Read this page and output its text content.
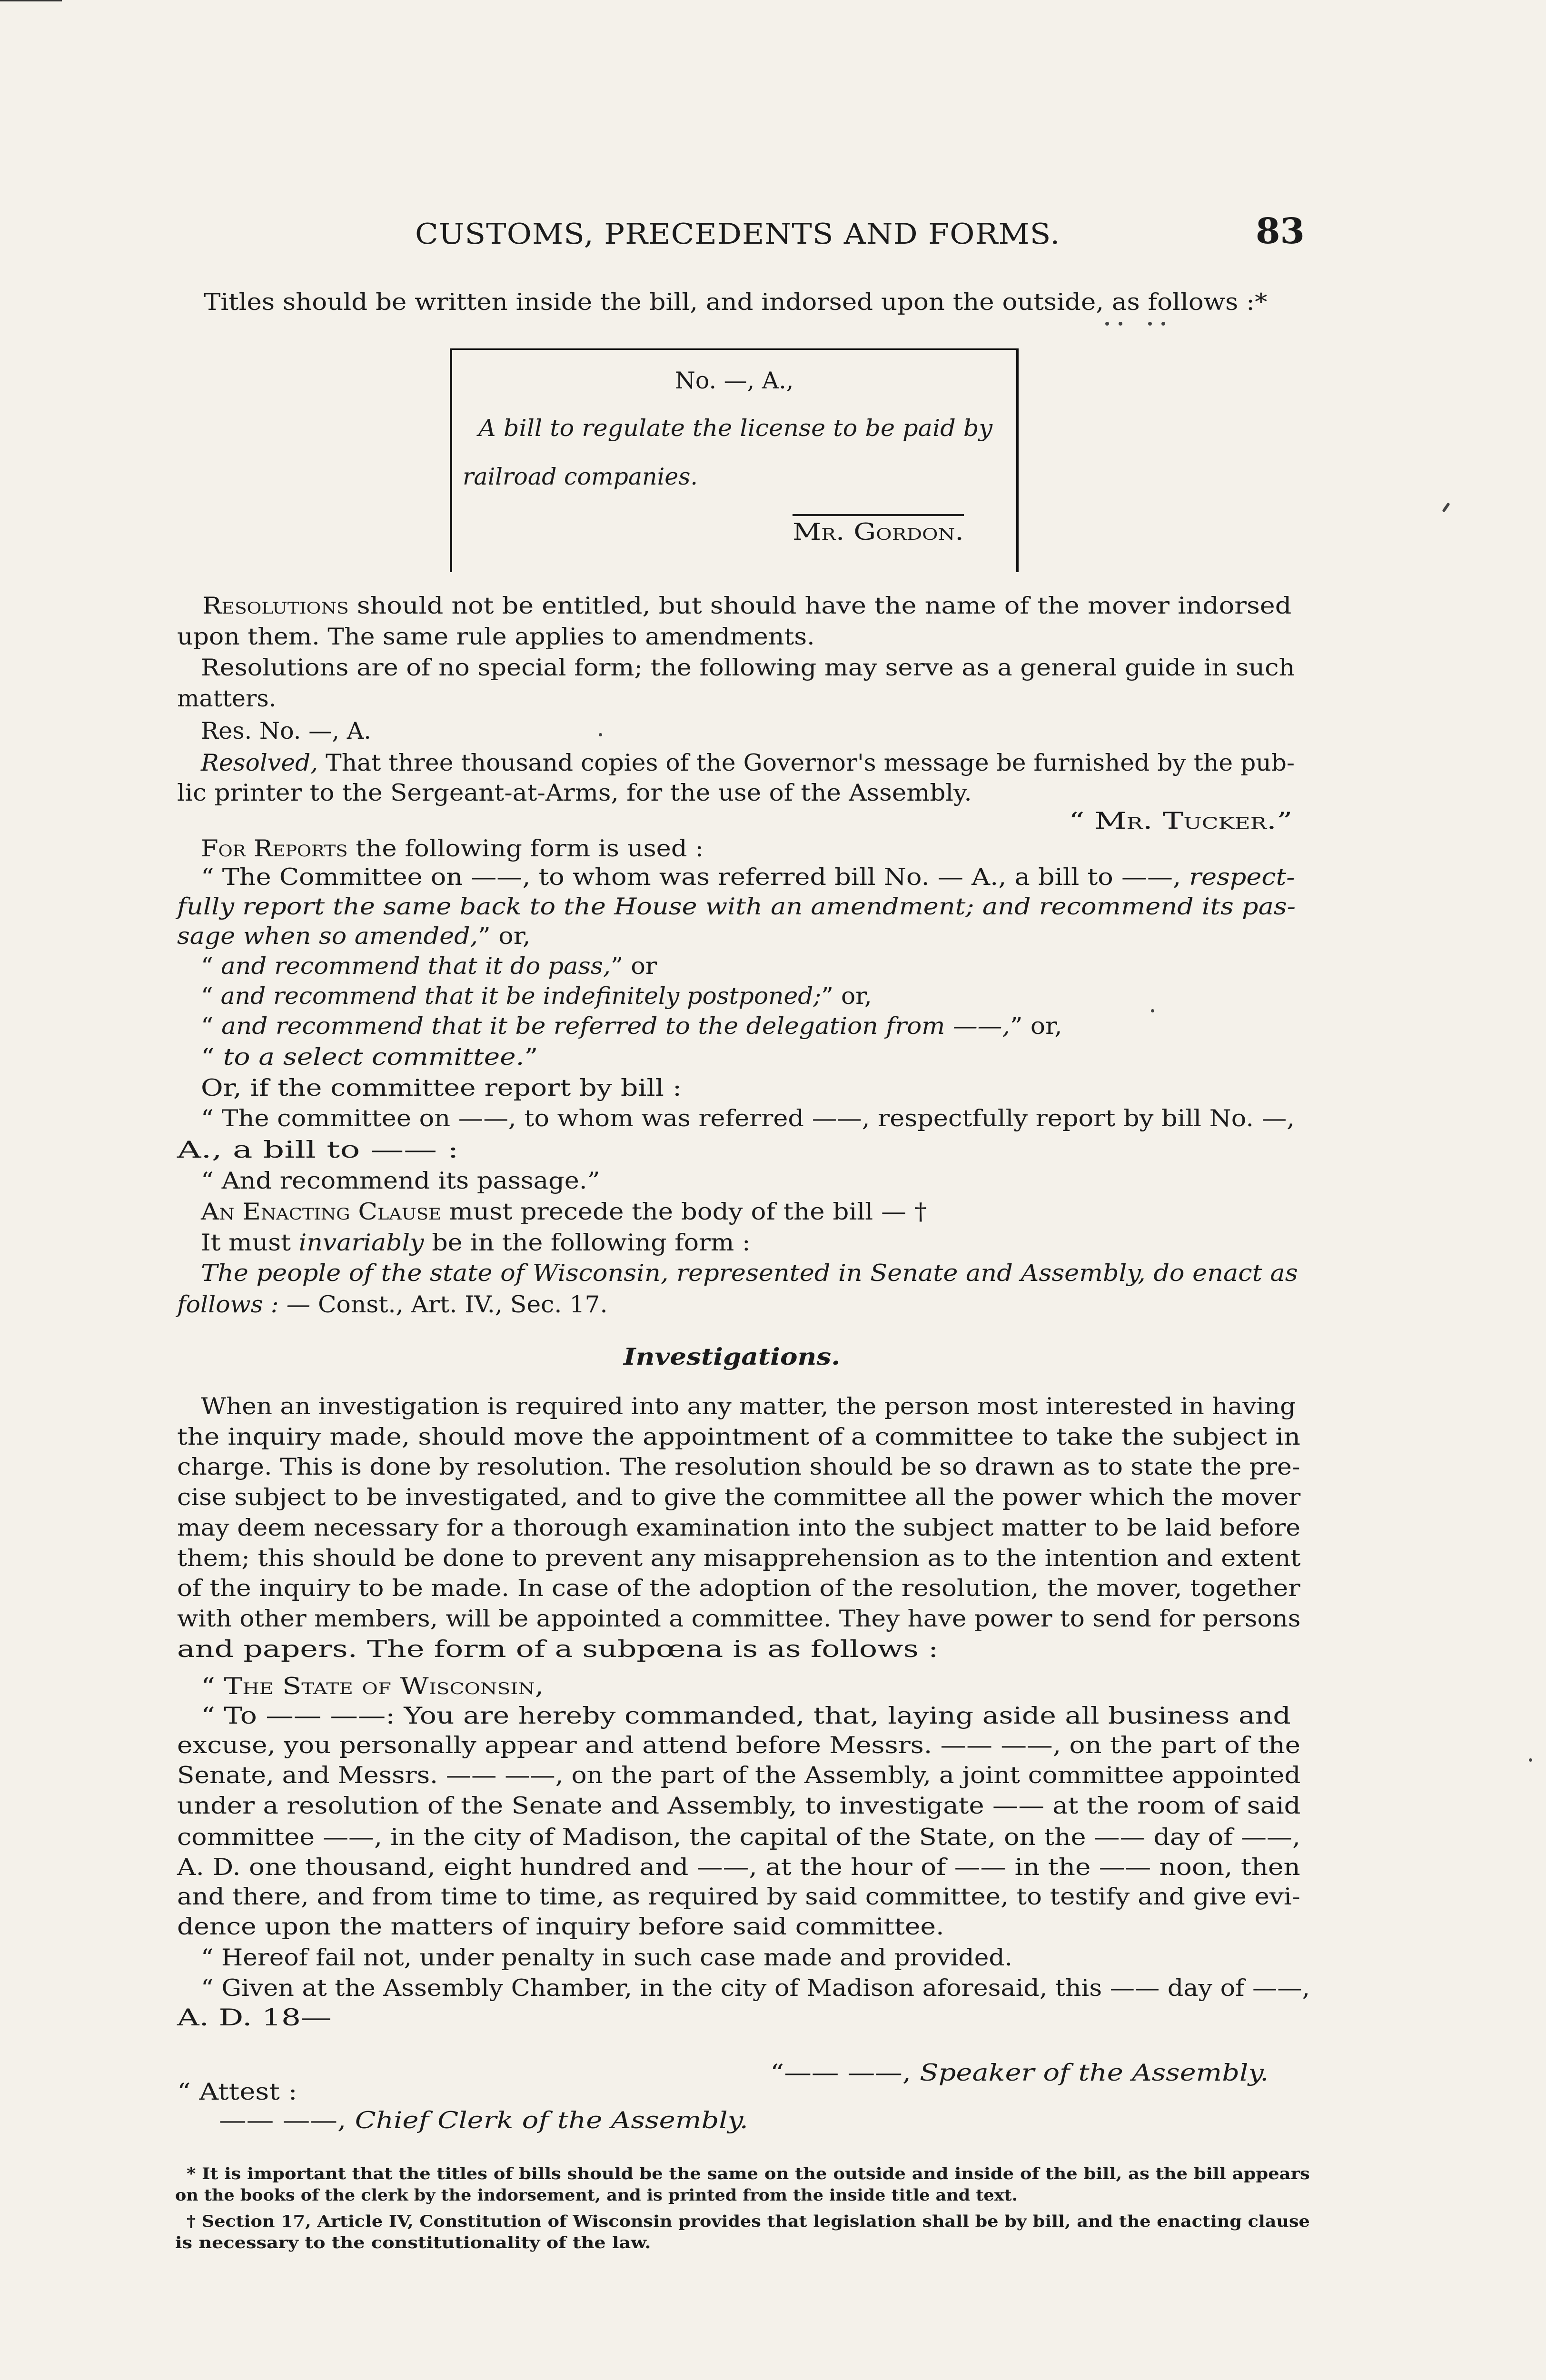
CUSTOMS, PRECEDENTS AND FORMS.	83
Titles should be written inside the bill, and indorsed upon the outside, as follows :*
No. —, A.,
A bill to regulate the license to be paid by
railroad companies.
Mr. Gordon.
Resolutions should not be entitled, but should have the name of the mover indorsed
upon them. The same rule applies to amendments.
Resolutions are of no special form; the following may serve as a general guide in such
matters.
Res. No. —, A.
Resolved, That three thousand copies of the Governor's message be furnished by the pub-
lic printer to the Sergeant-at-Arms, for the use of the Assembly.
“ Mr. Tucker.”
For Reports the following form is used :
“ The Committee on ——, to whom was referred bill No. — A., a bill to ——, respect-
fully report the same back to the House with an amendment; and recommend its pas-
sage when so amended,” or,
“ and recommend that it do pass,” or
“ and recommend that it be indefinitely postponed;” or,
“ and recommend that it be referred to the delegation from ——,” or,
“ to a select committee.”
Or, if the committee report by bill :
“ The committee on ——, to whom was referred ——, respectfully report by bill No. —,
A., a bill to —— :
“ And recommend its passage.”
An Enacting Clause must precede the body of the bill — †
It must invariably be in the following form :
The people of the state of Wisconsin, represented in Senate and Assembly, do enact as
follows : — Const., Art. IV., Sec. 17.
Investigations.
When an investigation is required into any matter, the person most interested in having
the inquiry made, should move the appointment of a committee to take the subject in
charge. This is done by resolution. The resolution should be so drawn as to state the pre-
cise subject to be investigated, and to give the committee all the power which the mover
may deem necessary for a thorough examination into the subject matter to be laid before
them; this should be done to prevent any misapprehension as to the intention and extent
of the inquiry to be made. In case of the adoption of the resolution, the mover, together
with other members, will be appointed a committee. They have power to send for persons
and papers. The form of a subpœna is as follows :
“ The State of Wisconsin,
“ To —— ——: You are hereby commanded, that, laying aside all business and
excuse, you personally appear and attend before Messrs. —— ——, on the part of the
Senate, and Messrs. —— ——, on the part of the Assembly, a joint committee appointed
under a resolution of the Senate and Assembly, to investigate —— at the room of said
committee ——, in the city of Madison, the capital of the State, on the —— day of ——,
A. D. one thousand, eight hundred and ——, at the hour of —— in the —— noon, then
and there, and from time to time, as required by said committee, to testify and give evi-
dence upon the matters of inquiry before said committee.
“ Hereof fail not, under penalty in such case made and provided.
“ Given at the Assembly Chamber, in the city of Madison aforesaid, this —— day of ——,
A. D. 18—
“—— ——, Speaker of the Assembly.
“ Attest :
—— ——, Chief Clerk of the Assembly.
* It is important that the titles of bills should be the same on the outside and inside of the bill, as the bill appears
on the books of the clerk by the indorsement, and is printed from the inside title and text.
† Section 17, Article IV, Constitution of Wisconsin provides that legislation shall be by bill, and the enacting clause
is necessary to the constitutionality of the law.
